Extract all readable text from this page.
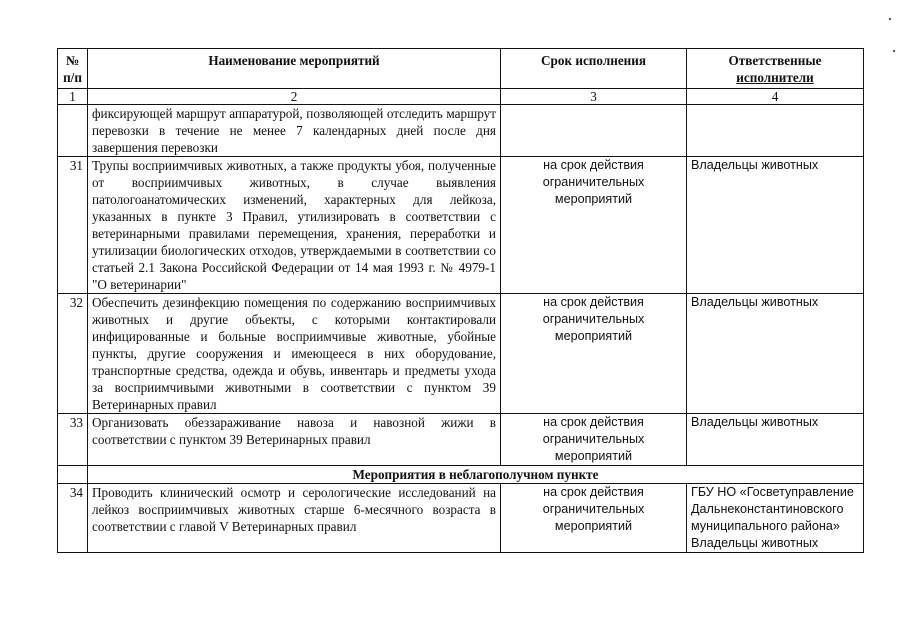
№ п/п	Наименование мероприятий	Срок исполнения	Ответственные
исполнители
1	2	3	4
	фиксирующей маршрут аппаратурой, позволяющей отследить маршрут перевозки в течение не менее 7 календарных дней после дня завершения перевозки		
31	Трупы восприимчивых животных, а также продукты убоя, полученные от восприимчивых животных, в случае выявления патологоанатомических изменений, характерных для лейкоза, указанных в пункте 3 Правил, утилизировать в соответствии с ветеринарными правилами перемещения, хранения, переработки и утилизации биологических отходов, утверждаемыми в соответствии со статьей 2.1 Закона Российской Федерации от 14 мая 1993 г. № 4979-1 "О ветеринарии"	на срок действия ограничительных мероприятий	Владельцы животных
32	Обеспечить дезинфекцию помещения по содержанию восприимчивых животных и другие объекты, с которыми контактировали инфицированные и больные восприимчивые животные, убойные пункты, другие сооружения и имеющееся в них оборудование, транспортные средства, одежда и обувь, инвентарь и предметы ухода за восприимчивыми животными в соответствии с пунктом 39 Ветеринарных правил	на срок действия ограничительных мероприятий	Владельцы животных
33	Организовать обеззараживание навоза и навозной жижи в соответствии с пунктом 39 Ветеринарных правил	на срок действия ограничительных мероприятий	Владельцы животных
	Мероприятия в неблагополучном пункте		
34	Проводить клинический осмотр и серологические исследований на лейкоз восприимчивых животных старше 6-месячного возраста в соответствии с главой V Ветеринарных правил	на срок действия ограничительных мероприятий	ГБУ НО «Госветуправление Дальнеконстантиновского муниципального района» Владельцы животных
